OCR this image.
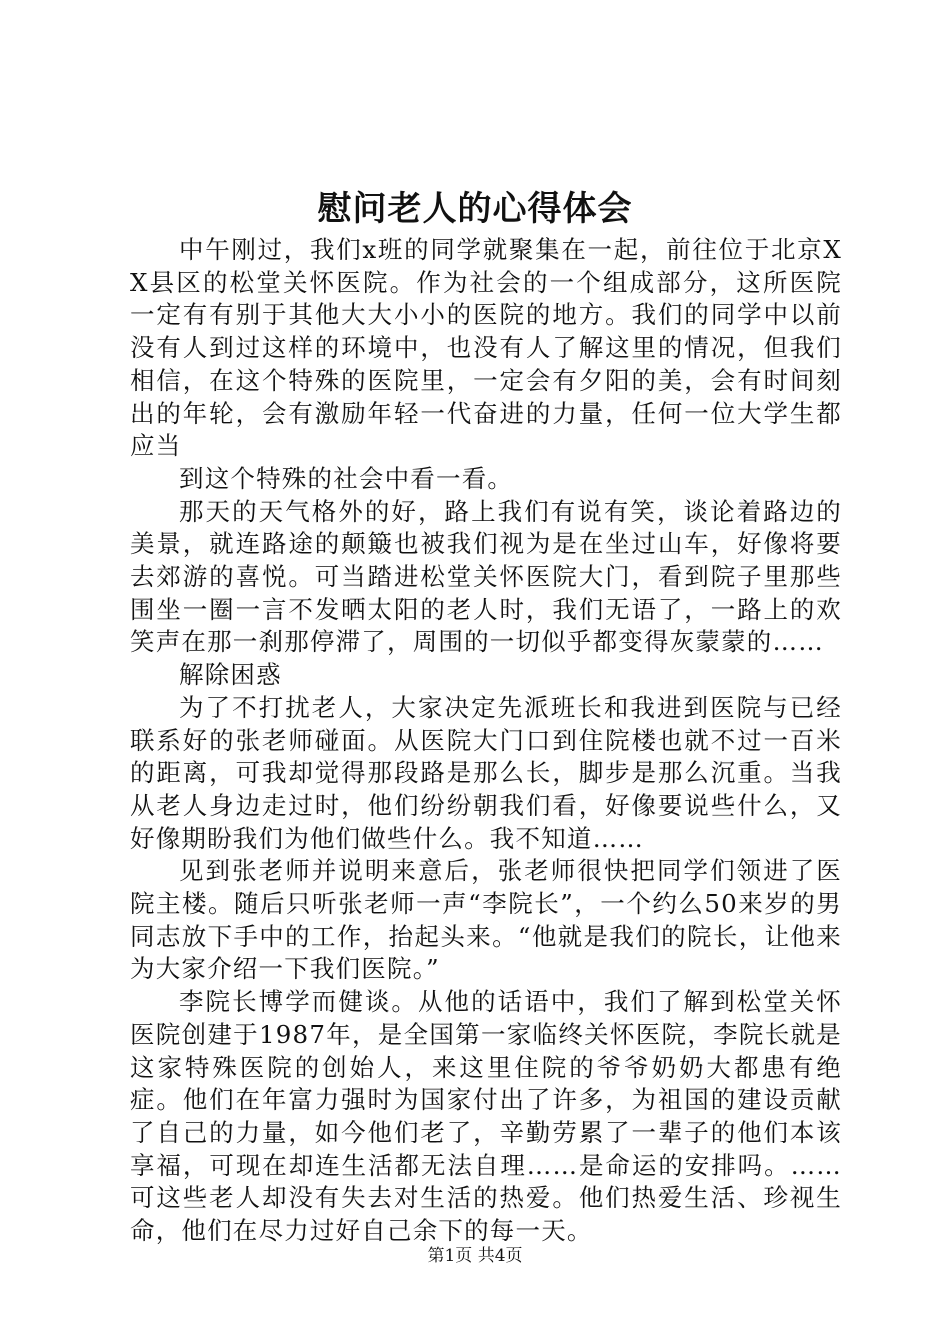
慰问老人的心得体会

中午刚过，我们x班的同学就聚集在一起，前往位于北京XX县区的松堂关怀医院。作为社会的一个组成部分，这所医院一定有有别于其他大大小小的医院的地方。我们的同学中以前没有人到过这样的环境中，也没有人了解这里的情况，但我们相信，在这个特殊的医院里，一定会有夕阳的美，会有时间刻出的年轮，会有激励年轻一代奋进的力量，任何一位大学生都应当

到这个特殊的社会中看一看。

那天的天气格外的好，路上我们有说有笑，谈论着路边的美景，就连路途的颠簸也被我们视为是在坐过山车，好像将要去郊游的喜悦。可当踏进松堂关怀医院大门，看到院子里那些围坐一圈一言不发晒太阳的老人时，我们无语了，一路上的欢笑声在那一刹那停滞了，周围的一切似乎都变得灰蒙蒙的……

解除困惑

为了不打扰老人，大家决定先派班长和我进到医院与已经联系好的张老师碰面。从医院大门口到住院楼也就不过一百米的距离，可我却觉得那段路是那么长，脚步是那么沉重。当我从老人身边走过时，他们纷纷朝我们看，好像要说些什么，又好像期盼我们为他们做些什么。我不知道……

见到张老师并说明来意后，张老师很快把同学们领进了医院主楼。随后只听张老师一声“李院长”，一个约么50来岁的男同志放下手中的工作，抬起头来。“他就是我们的院长，让他来为大家介绍一下我们医院。”

李院长博学而健谈。从他的话语中，我们了解到松堂关怀医院创建于1987年，是全国第一家临终关怀医院，李院长就是这家特殊医院的创始人，来这里住院的爷爷奶奶大都患有绝症。他们在年富力强时为国家付出了许多，为祖国的建设贡献了自己的力量，如今他们老了，辛勤劳累了一辈子的他们本该享福，可现在却连生活都无法自理……是命运的安排吗。……可这些老人却没有失去对生活的热爱。他们热爱生活、珍视生命，他们在尽力过好自己余下的每一天。

第1页 共4页
